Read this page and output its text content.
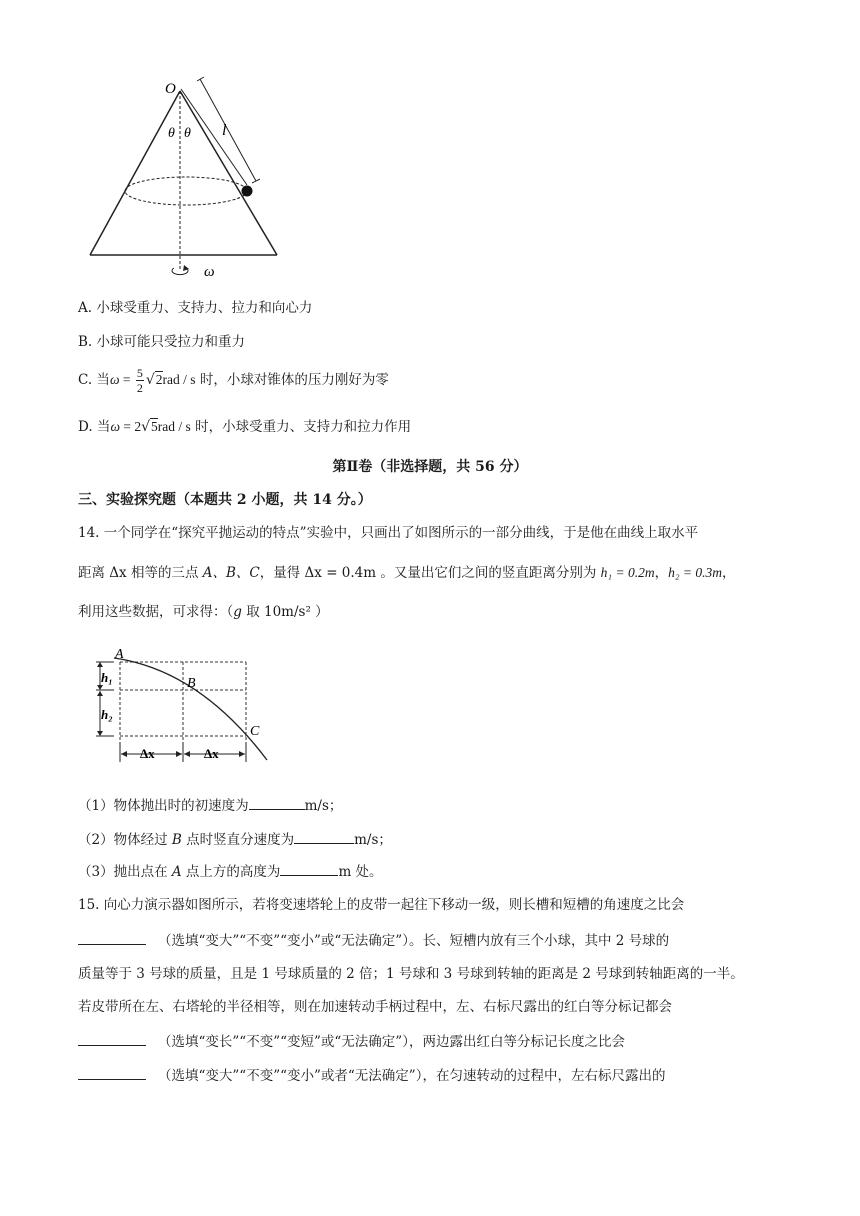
O
θ θ l
ω
A. 小球受重力、支持力、拉力和向心力
B. 小球可能只受拉力和重力
C. 当$\omega = \frac{5}{2} √2rad / s$ 时，小球对锥体的压力刚好为零
D. 当ω = 2√5rad / s 时，小球受重力、支持力和拉力作用
第Ⅱ卷（非选择题，共 56 分）
三、实验探究题（本题共 2 小题，共 14 分。）
14. 一个同学在“探究平抛运动的特点”实验中，只画出了如图所示的一部分曲线，于是他在曲线上取水平
距离 Δx 相等的三点 A、B、C，量得 Δx = 0.4m 。又量出它们之间的竖直距离分别为 h₁ = 0.2m，h₂ = 0.3m，
利用这些数据，可求得：（g 取 10m/s² ）
A
B
C
h₁
h₂
Δx	Δx
（1）物体抛出时的初速度为	m/s；
（2）物体经过 B 点时竖直分速度为	m/s；
（3）抛出点在 A 点上方的高度为	m 处。
15. 向心力演示器如图所示，若将变速塔轮上的皮带一起往下移动一级，则长槽和短槽的角速度之比会
（选填“变大”“不变”“变小”或“无法确定”）。长、短槽内放有三个小球，其中 2 号球的
质量等于 3 号球的质量，且是 1 号球质量的 2 倍；1 号球和 3 号球到转轴的距离是 2 号球到转轴距离的一半。
若皮带所在左、右塔轮的半径相等，则在加速转动手柄过程中，左、右标尺露出的红白等分标记都会
（选填“变长”“不变”“变短”或“无法确定”），两边露出红白等分标记长度之比会
（选填“变大”“不变”“变小”或者“无法确定”），在匀速转动的过程中，左右标尺露出的
